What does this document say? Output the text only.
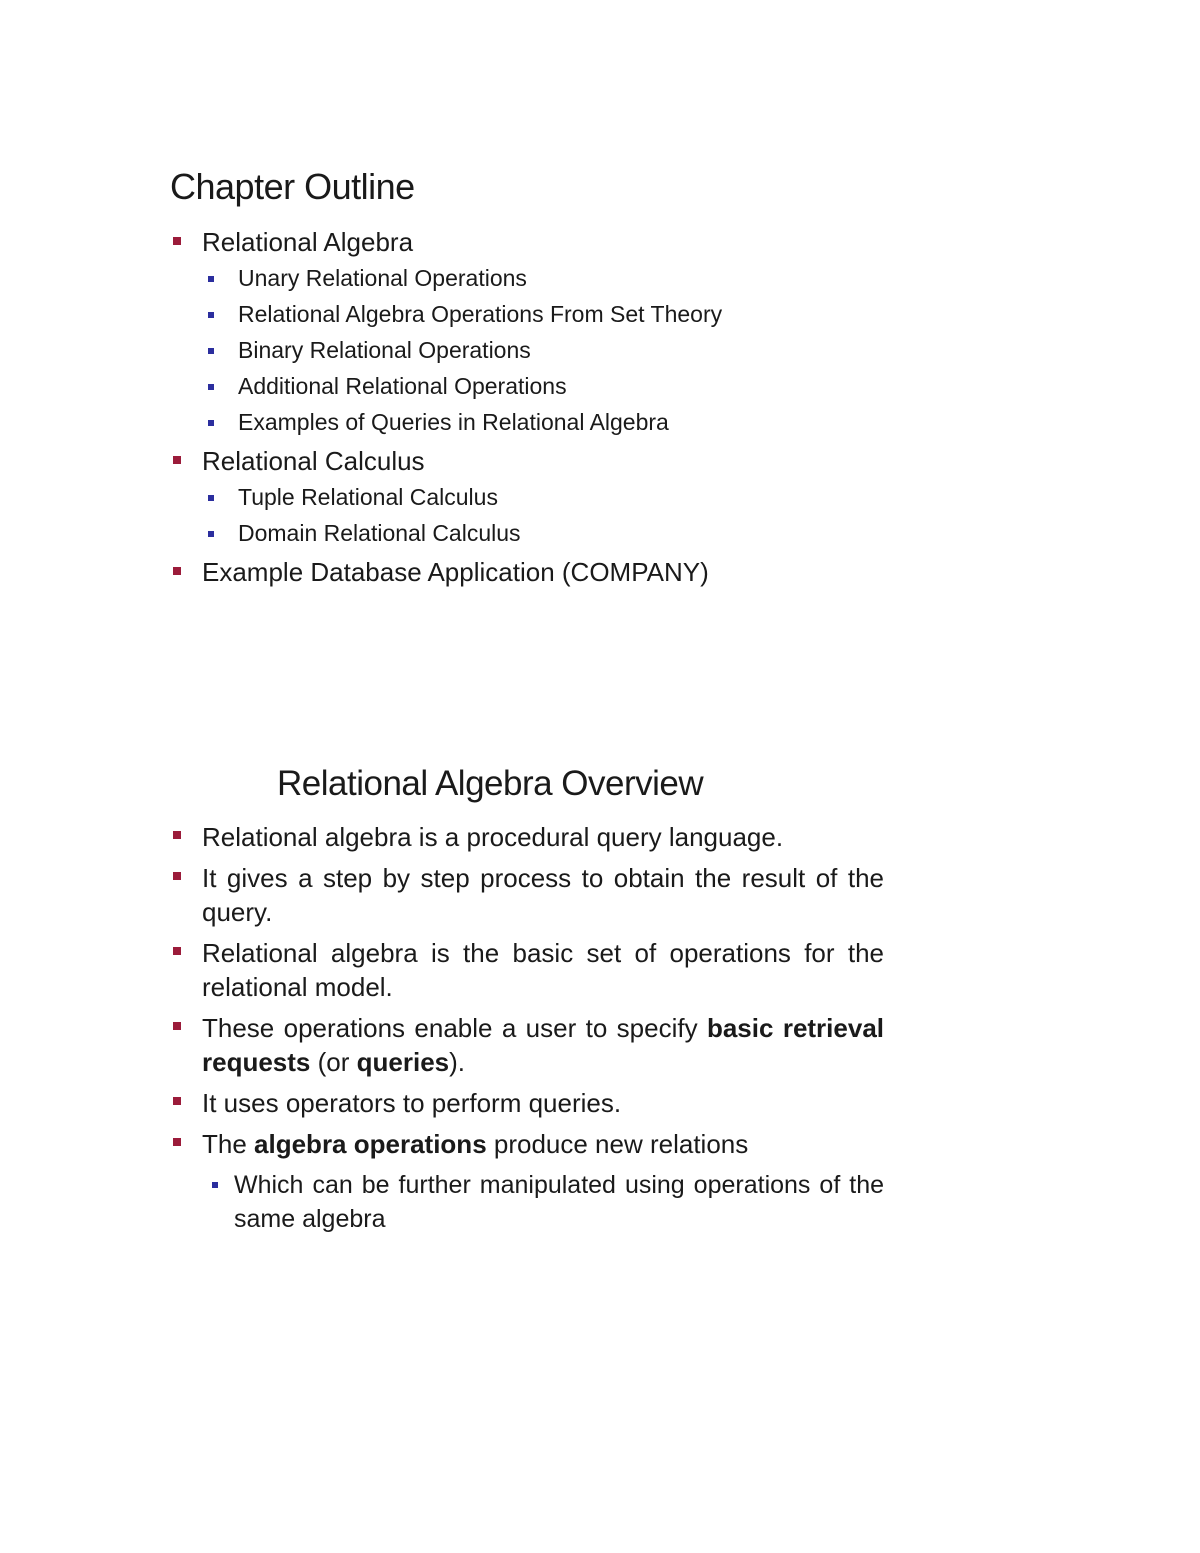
Chapter Outline
Relational Algebra
Unary Relational Operations
Relational Algebra Operations From Set Theory
Binary Relational Operations
Additional Relational Operations
Examples of Queries in Relational Algebra
Relational Calculus
Tuple Relational Calculus
Domain Relational Calculus
Example Database Application (COMPANY)
Relational Algebra Overview
Relational algebra is a procedural query language.
It gives a step by step process to obtain the result of the query.
Relational algebra is the basic set of operations for the relational model.
These operations enable a user to specify basic retrieval requests (or queries).
It uses operators to perform queries.
The algebra operations produce new relations
Which can be further manipulated using operations of the same algebra
